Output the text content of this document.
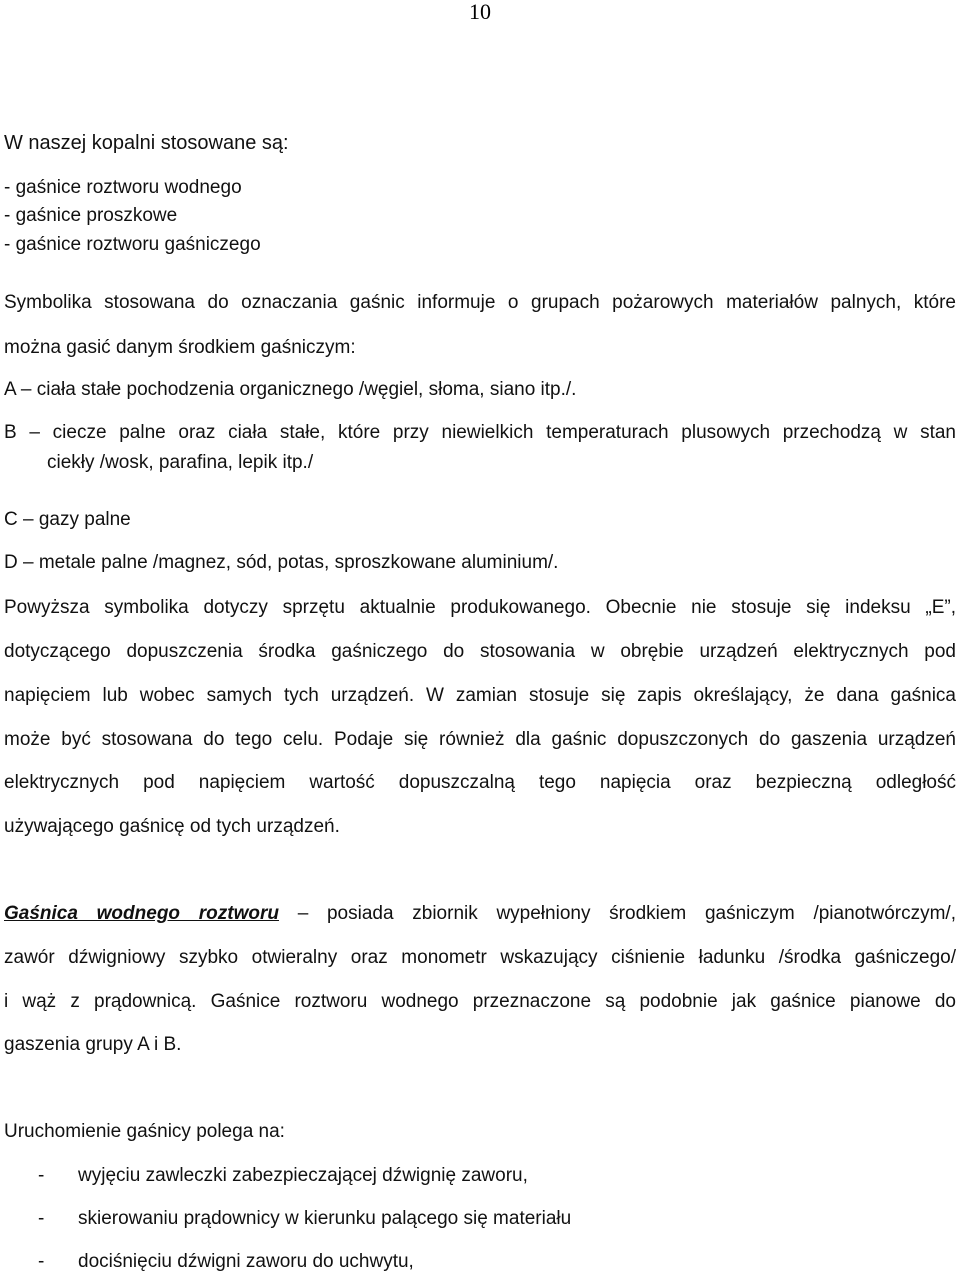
10
W naszej kopalni stosowane są:
- gaśnice roztworu wodnego
- gaśnice proszkowe
- gaśnice roztworu gaśniczego
Symbolika stosowana do oznaczania gaśnic informuje o grupach pożarowych materiałów palnych, które
można gasić danym środkiem gaśniczym:
A – ciała stałe pochodzenia organicznego /węgiel, słoma, siano itp./.
B – ciecze palne oraz ciała stałe, które przy niewielkich temperaturach plusowych przechodzą w stan
ciekły /wosk, parafina, lepik itp./
C – gazy palne
D – metale palne /magnez, sód, potas, sproszkowane aluminium/.
Powyższa symbolika dotyczy sprzętu aktualnie produkowanego. Obecnie nie stosuje się indeksu „E”,
dotyczącego dopuszczenia środka gaśniczego do stosowania w obrębie urządzeń elektrycznych pod
napięciem lub wobec samych tych urządzeń. W zamian stosuje się zapis określający, że dana gaśnica
może być stosowana do tego celu. Podaje się również dla gaśnic dopuszczonych do gaszenia urządzeń
elektrycznych pod napięciem wartość dopuszczalną tego napięcia oraz bezpieczną odległość
używającego gaśnicę od tych urządzeń.
Gaśnica wodnego roztworu – posiada zbiornik wypełniony środkiem gaśniczym /pianotwórczym/,
zawór dźwigniowy szybko otwieralny oraz monometr wskazujący ciśnienie ładunku /środka gaśniczego/
i wąż z prądownicą. Gaśnice roztworu wodnego przeznaczone są podobnie jak gaśnice pianowe do
gaszenia grupy A i B.
Uruchomienie gaśnicy polega na:
- wyjęciu zawleczki zabezpieczającej dźwignię zaworu,
- skierowaniu prądownicy w kierunku palącego się materiału
- dociśnięciu dźwigni zaworu do uchwytu,
